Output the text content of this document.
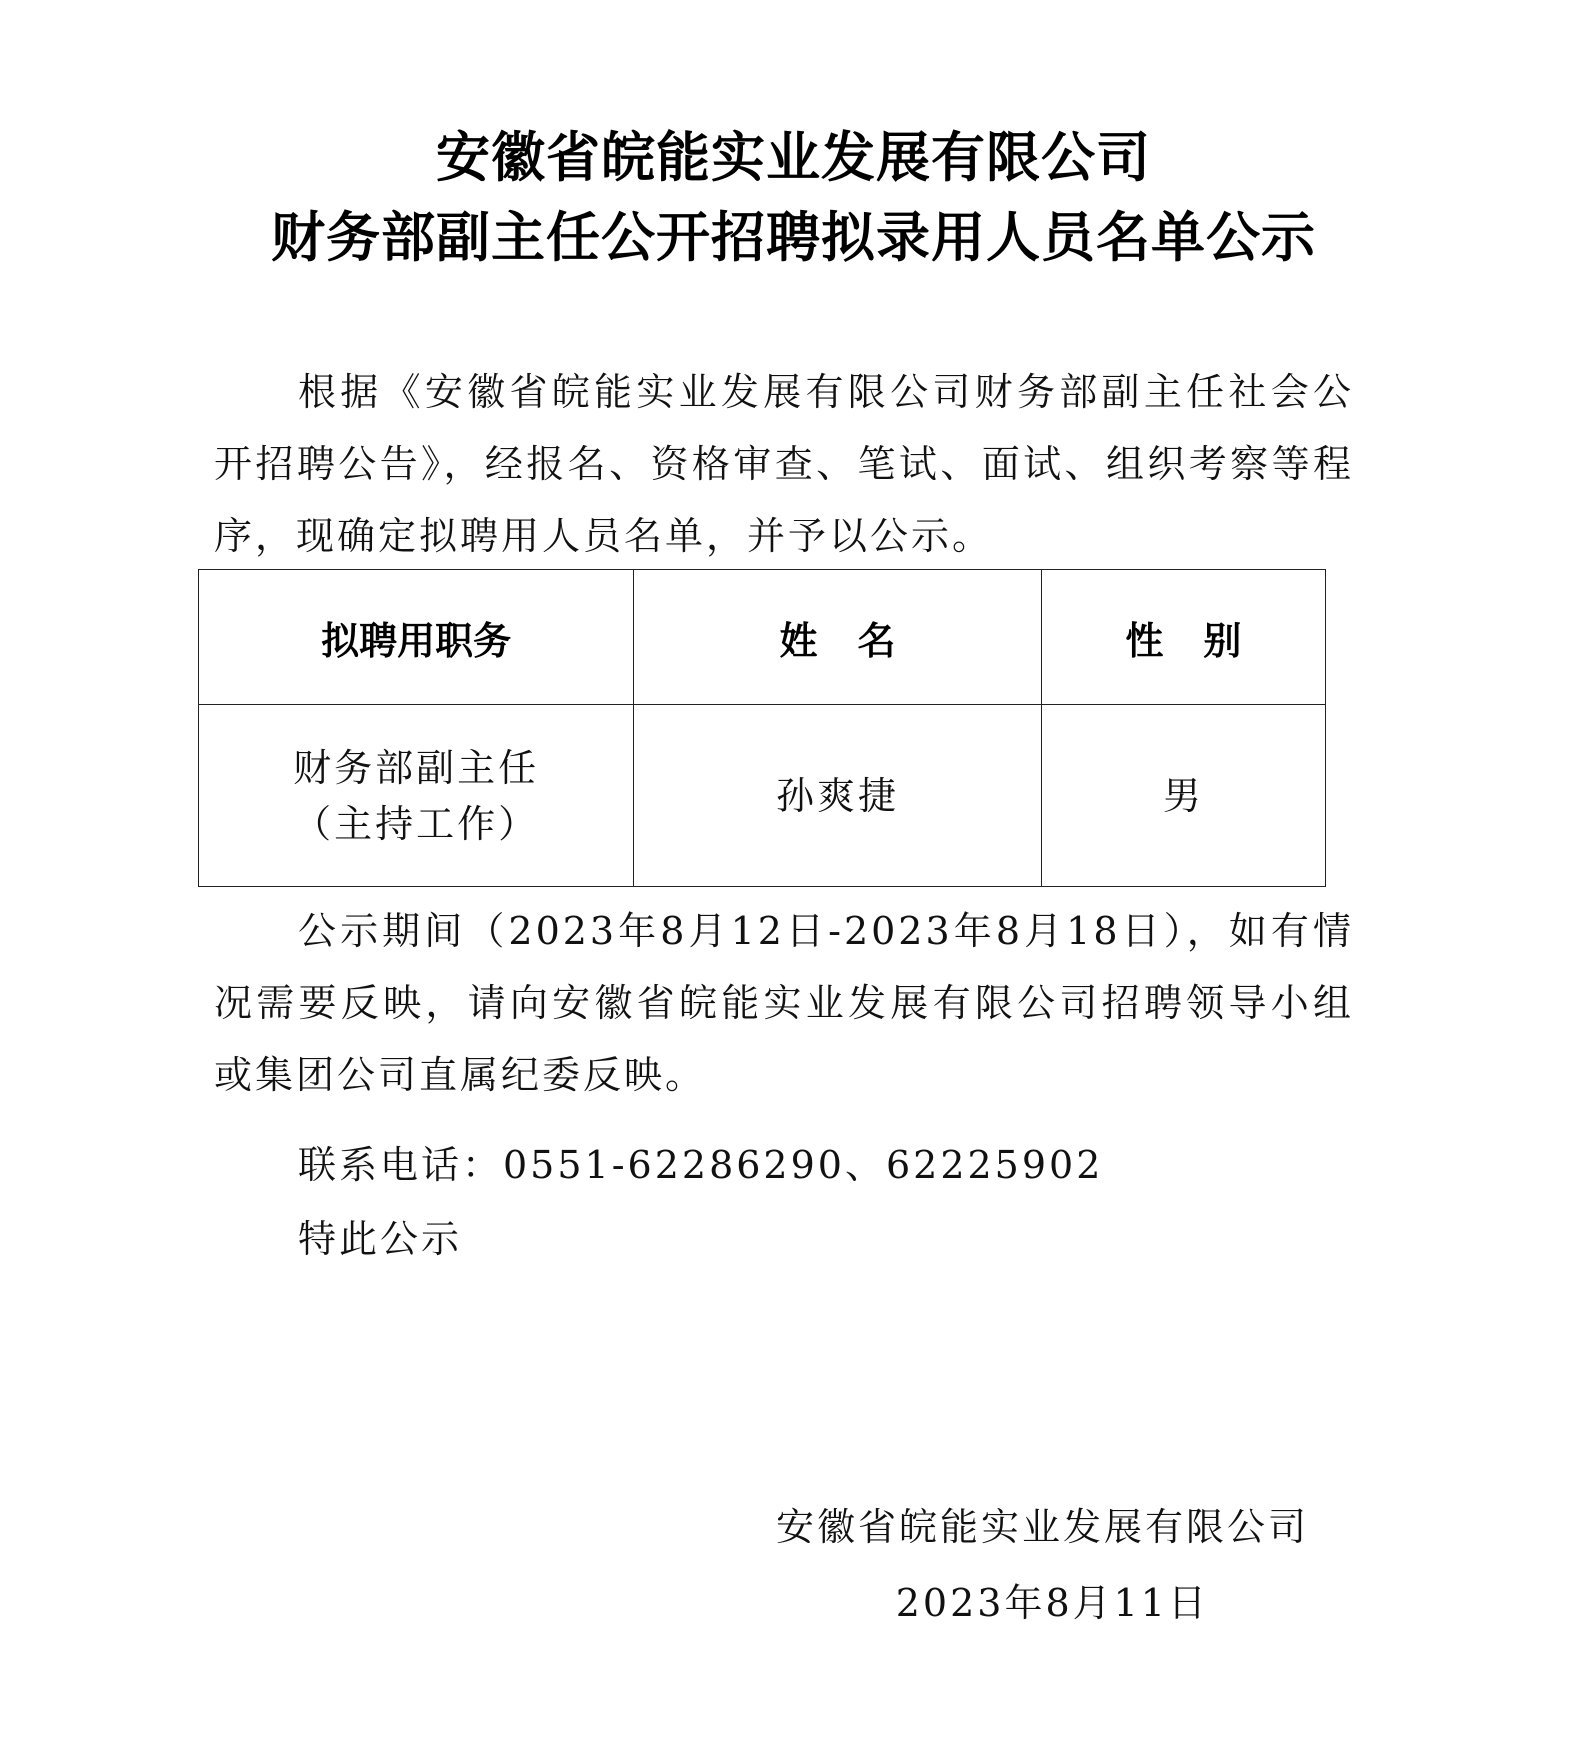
安徽省皖能实业发展有限公司
财务部副主任公开招聘拟录用人员名单公示

根据《安徽省皖能实业发展有限公司财务部副主任社会公开招聘公告》，经报名、资格审查、笔试、面试、组织考察等程序，现确定拟聘用人员名单，并予以公示。

拟聘用职务	姓名	性别

财务部副主任
（主持工作）	孙爽捷	男

公示期间（2023年8月12日-2023年8月18日），如有情况需要反映，请向安徽省皖能实业发展有限公司招聘领导小组或集团公司直属纪委反映。

联系电话：0551-62286290、62225902
特此公示
安徽省皖能实业发展有限公司
2023年8月11日
